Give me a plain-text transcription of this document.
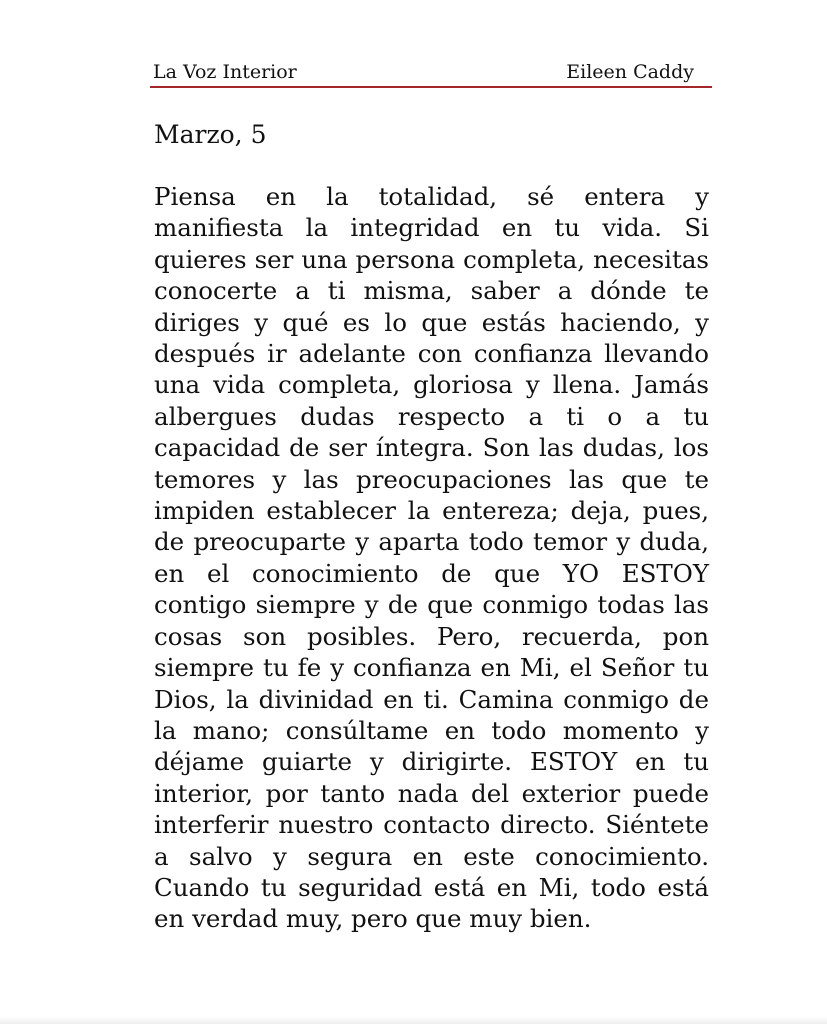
La Voz Interior	Eileen Caddy
Marzo, 5

Piensa en la totalidad, sé entera y manifiesta la integridad en tu vida. Si quieres ser una persona completa, necesitas conocerte a ti misma, saber a dónde te diriges y qué es lo que estás haciendo, y después ir adelante con confianza llevando una vida completa, gloriosa y llena. Jamás albergues dudas respecto a ti o a tu capacidad de ser íntegra. Son las dudas, los temores y las preocupaciones las que te impiden establecer la entereza; deja, pues, de preocuparte y aparta todo temor y duda, en el conocimiento de que YO ESTOY contigo siempre y de que conmigo todas las cosas son posibles. Pero, recuerda, pon siempre tu fe y confianza en Mi, el Señor tu Dios, la divinidad en ti. Camina conmigo de la mano; consúltame en todo momento y déjame guiarte y dirigirte. ESTOY en tu interior, por tanto nada del exterior puede interferir nuestro contacto directo. Siéntete a salvo y segura en este conocimiento. Cuando tu seguridad está en Mi, todo está en verdad muy, pero que muy bien.
